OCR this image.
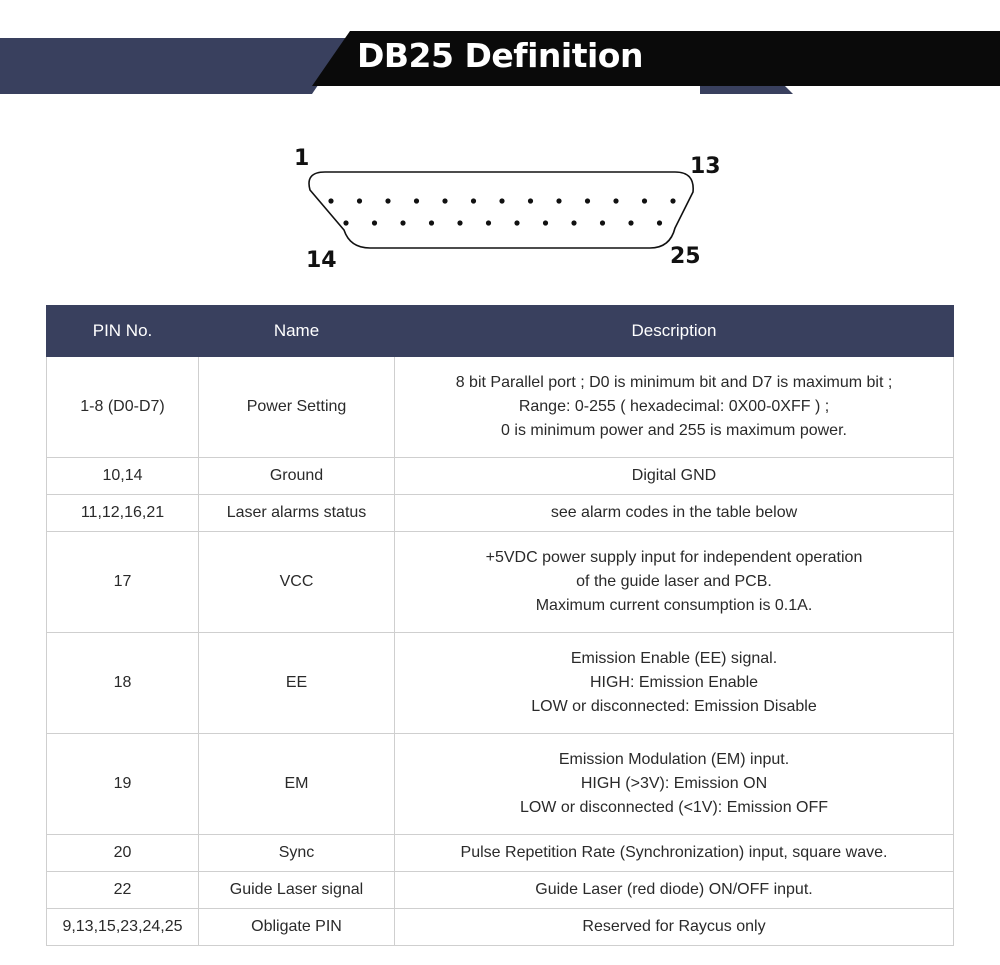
DB25 Definition
1	13
14	25
PIN No.	Name	Description
1-8 (D0-D7)	Power Setting	8 bit Parallel port ; D0 is minimum bit and D7 is maximum bit ;
Range: 0-255 ( hexadecimal: 0X00-0XFF ) ;
0 is minimum power and 255 is maximum power.

10,14	Ground	Digital GND

11,12,16,21	Laser alarms status	see alarm codes in the table below

17	VCC	+5VDC power supply input for independent operation
of the guide laser and PCB.
Maximum current consumption is 0.1A.

18	EE	Emission Enable (EE) signal.
HIGH: Emission Enable
LOW or disconnected: Emission Disable

19	EM	Emission Modulation (EM) input.
HIGH (>3V): Emission ON
LOW or disconnected (<1V): Emission OFF

20	Sync	Pulse Repetition Rate (Synchronization) input, square wave.

22	Guide Laser signal	Guide Laser (red diode) ON/OFF input.

9,13,15,23,24,25	Obligate PIN	Reserved for Raycus only
